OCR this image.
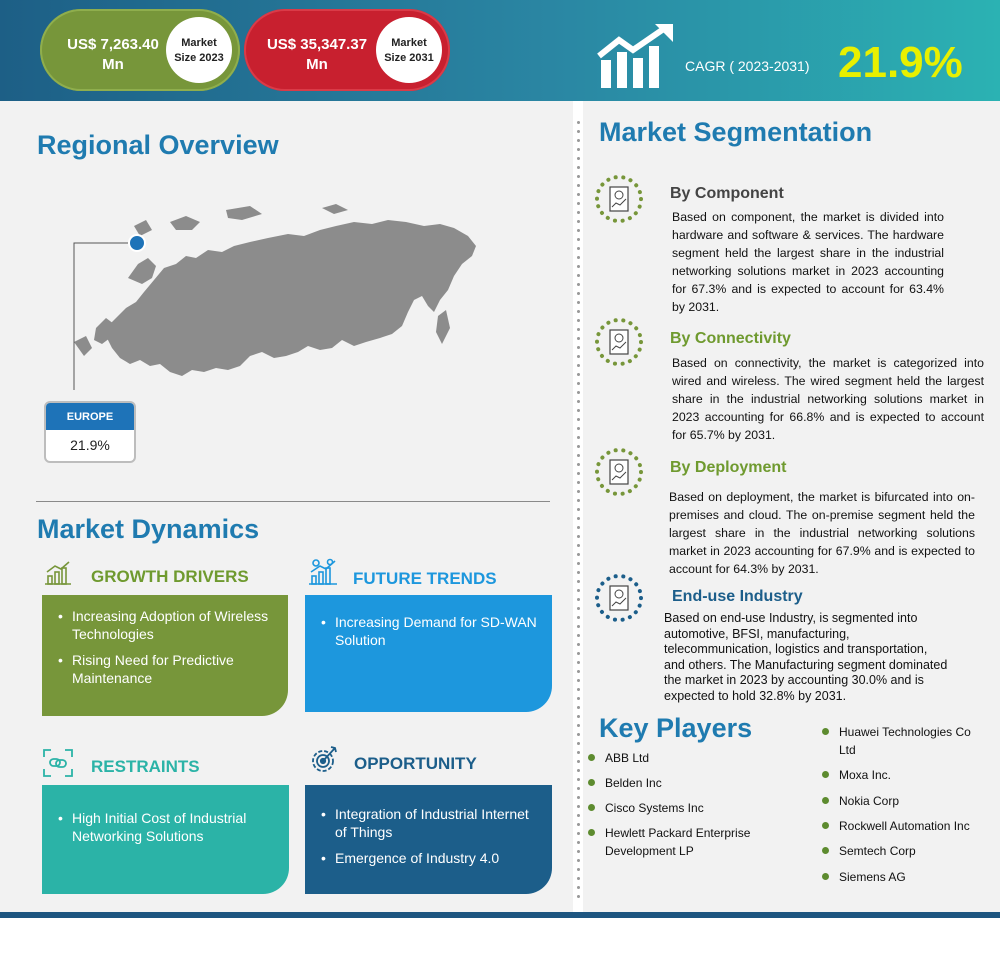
US$ 7,263.40
Mn
Market
Size 2023
US$ 35,347.37
Mn
Market
Size 2031	CAGR ( 2023-2031) 21.9%
Regional Overview
EUROPE
21.9%
Market Dynamics
GROWTH DRIVERS
• Increasing Adoption of Wireless Technologies
• Rising Need for Predictive Maintenance
FUTURE TRENDS
• Increasing Demand for SD-WAN Solution
RESTRAINTS
• High Initial Cost of Industrial Networking Solutions
OPPORTUNITY
• Integration of Industrial Internet of Things
• Emergence of Industry 4.0
Market Segmentation
By Component
Based on component, the market is divided into hardware and software & services. The hardware segment held the largest share in the industrial networking solutions market in 2023 accounting for 67.3% and is expected to account for 63.4% by 2031.
By Connectivity
Based on connectivity, the market is categorized into wired and wireless. The wired segment held the largest share in the industrial networking solutions market in 2023 accounting for 66.8% and is expected to account for 65.7% by 2031.
By Deployment
Based on deployment, the market is bifurcated into on-premises and cloud. The on-premise segment held the largest share in the industrial networking solutions market in 2023 accounting for 67.9% and is expected to account for 64.3% by 2031.
End-use Industry
Based on end-use Industry, is segmented into automotive, BFSI, manufacturing, telecommunication, logistics and transportation, and others. The Manufacturing segment dominated the market in 2023 by accounting 30.0% and is expected to hold 32.8% by 2031.
Key Players
ABB Ltd
Belden Inc
Cisco Systems Inc
Hewlett Packard Enterprise Development LP
Huawei Technologies Co Ltd
Moxa Inc.
Nokia Corp
Rockwell Automation Inc
Semtech Corp
Siemens AG
